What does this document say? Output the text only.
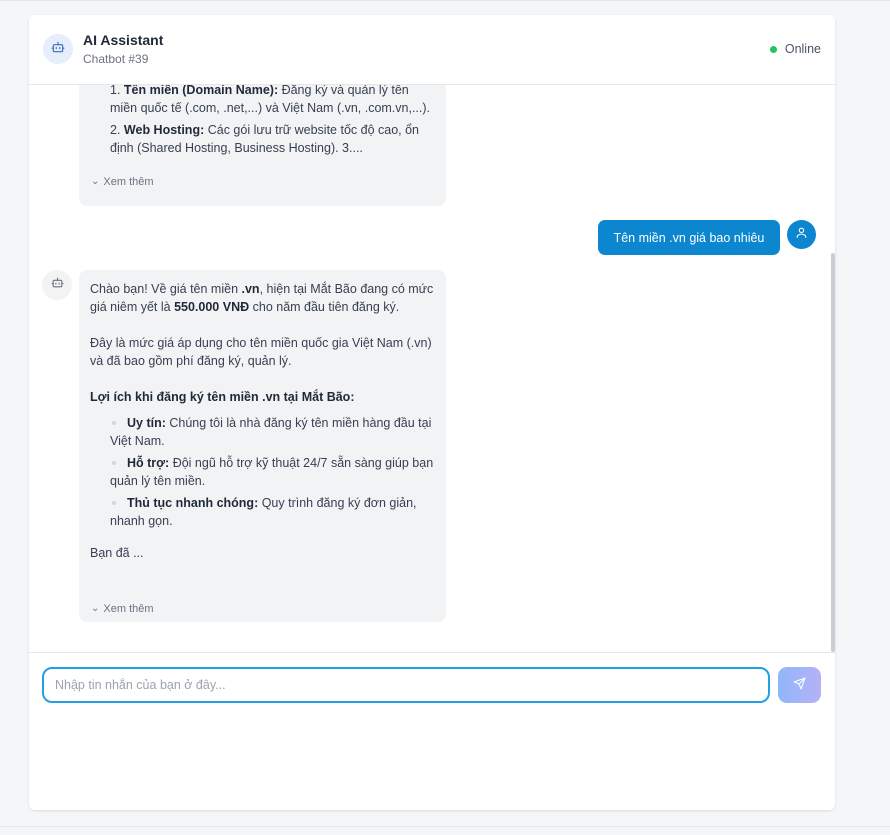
AI Assistant
Chatbot #39
Online
1. Tên miền (Domain Name): Đăng ký và quản lý tên miền quốc tế (.com, .net,...) và Việt Nam (.vn, .com.vn,...).
2. Web Hosting: Các gói lưu trữ website tốc độ cao, ổn định (Shared Hosting, Business Hosting). 3....
⌄ Xem thêm
Tên miền .vn giá bao nhiêu

Chào bạn! Về giá tên miền .vn, hiện tại Mắt Bão đang có mức giá niêm yết là 550.000 VNĐ cho năm đầu tiên đăng ký.

Đây là mức giá áp dụng cho tên miền quốc gia Việt Nam (.vn) và đã bao gồm phí đăng ký, quản lý.

Lợi ích khi đăng ký tên miền .vn tại Mắt Bão:

Uy tín: Chúng tôi là nhà đăng ký tên miền hàng đầu tại Việt Nam.
Hỗ trợ: Đội ngũ hỗ trợ kỹ thuật 24/7 sẵn sàng giúp bạn quản lý tên miền.
Thủ tục nhanh chóng: Quy trình đăng ký đơn giản, nhanh gọn.

Bạn đã ...

⌄ Xem thêm
Nhập tin nhắn của bạn ở đây...
